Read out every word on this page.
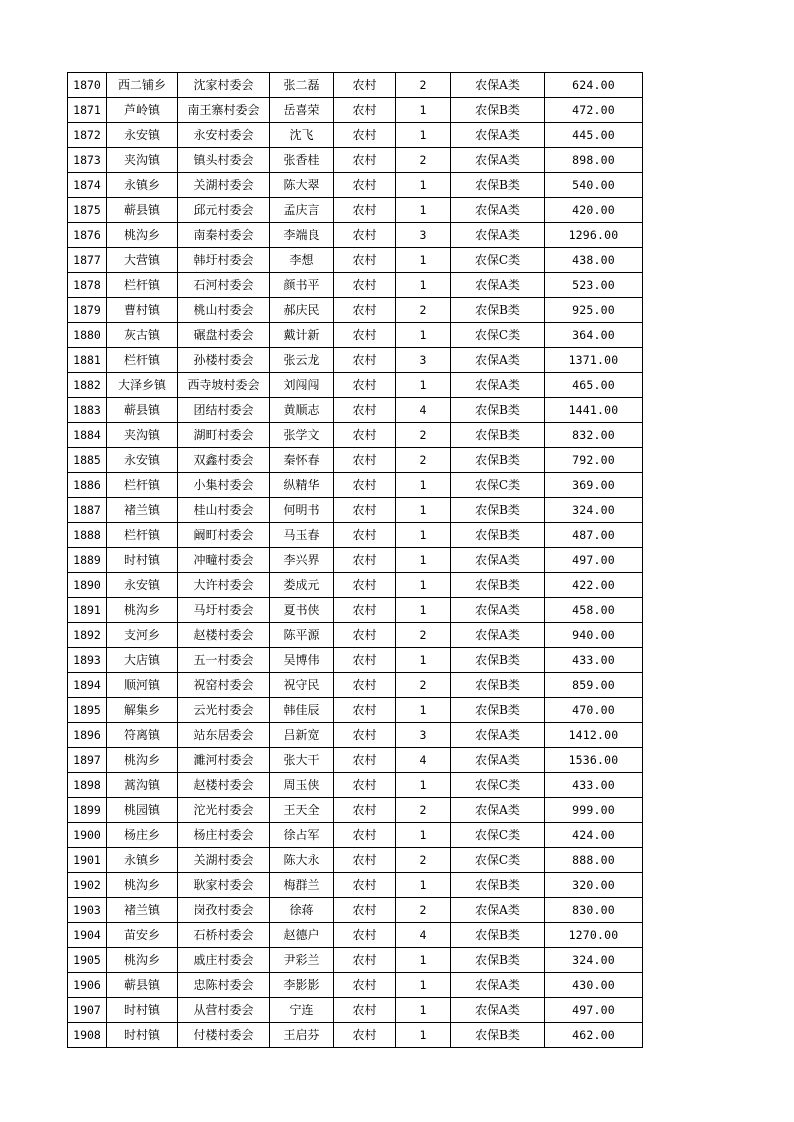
1870	西二铺乡	沈家村委会	张二磊	农村	2	农保A类	624.00
1871	芦岭镇	南王寨村委会	岳喜荣	农村	1	农保B类	472.00
1872	永安镇	永安村委会	沈飞	农村	1	农保A类	445.00
1873	夹沟镇	镇头村委会	张香桂	农村	2	农保A类	898.00
1874	永镇乡	关湖村委会	陈大翠	农村	1	农保B类	540.00
1875	蕲县镇	邱元村委会	孟庆言	农村	1	农保A类	420.00
1876	桃沟乡	南秦村委会	李端良	农村	3	农保A类	1296.00
1877	大营镇	韩圩村委会	李想	农村	1	农保C类	438.00
1878	栏杆镇	石河村委会	颜书平	农村	1	农保A类	523.00
1879	曹村镇	桃山村委会	郝庆民	农村	2	农保B类	925.00
1880	灰古镇	碾盘村委会	戴计新	农村	1	农保C类	364.00
1881	栏杆镇	孙楼村委会	张云龙	农村	3	农保A类	1371.00
1882	大泽乡镇	西寺坡村委会	刘闯闯	农村	1	农保A类	465.00
1883	蕲县镇	团结村委会	黄顺志	农村	4	农保B类	1441.00
1884	夹沟镇	湖町村委会	张学文	农村	2	农保B类	832.00
1885	永安镇	双鑫村委会	秦怀春	农村	2	农保B类	792.00
1886	栏杆镇	小集村委会	纵精华	农村	1	农保C类	369.00
1887	褚兰镇	桂山村委会	何明书	农村	1	农保B类	324.00
1888	栏杆镇	阚町村委会	马玉春	农村	1	农保B类	487.00
1889	时村镇	冲疃村委会	李兴界	农村	1	农保A类	497.00
1890	永安镇	大许村委会	娄成元	农村	1	农保B类	422.00
1891	桃沟乡	马圩村委会	夏书侠	农村	1	农保A类	458.00
1892	支河乡	赵楼村委会	陈平源	农村	2	农保A类	940.00
1893	大店镇	五一村委会	吴博伟	农村	1	农保B类	433.00
1894	顺河镇	祝窑村委会	祝守民	农村	2	农保B类	859.00
1895	解集乡	云光村委会	韩佳辰	农村	1	农保B类	470.00
1896	符离镇	站东居委会	吕新宽	农村	3	农保A类	1412.00
1897	桃沟乡	濉河村委会	张大干	农村	4	农保A类	1536.00
1898	蒿沟镇	赵楼村委会	周玉侠	农村	1	农保C类	433.00
1899	桃园镇	沱光村委会	王天全	农村	2	农保A类	999.00
1900	杨庄乡	杨庄村委会	徐占军	农村	1	农保C类	424.00
1901	永镇乡	关湖村委会	陈大永	农村	2	农保C类	888.00
1902	桃沟乡	耿家村委会	梅群兰	农村	1	农保B类	320.00
1903	褚兰镇	岗孜村委会	徐蒋	农村	2	农保A类	830.00
1904	苗安乡	石桥村委会	赵德户	农村	4	农保B类	1270.00
1905	桃沟乡	戚庄村委会	尹彩兰	农村	1	农保B类	324.00
1906	蕲县镇	忠陈村委会	李影影	农村	1	农保A类	430.00
1907	时村镇	从营村委会	宁连	农村	1	农保A类	497.00
1908	时村镇	付楼村委会	王启芬	农村	1	农保B类	462.00
